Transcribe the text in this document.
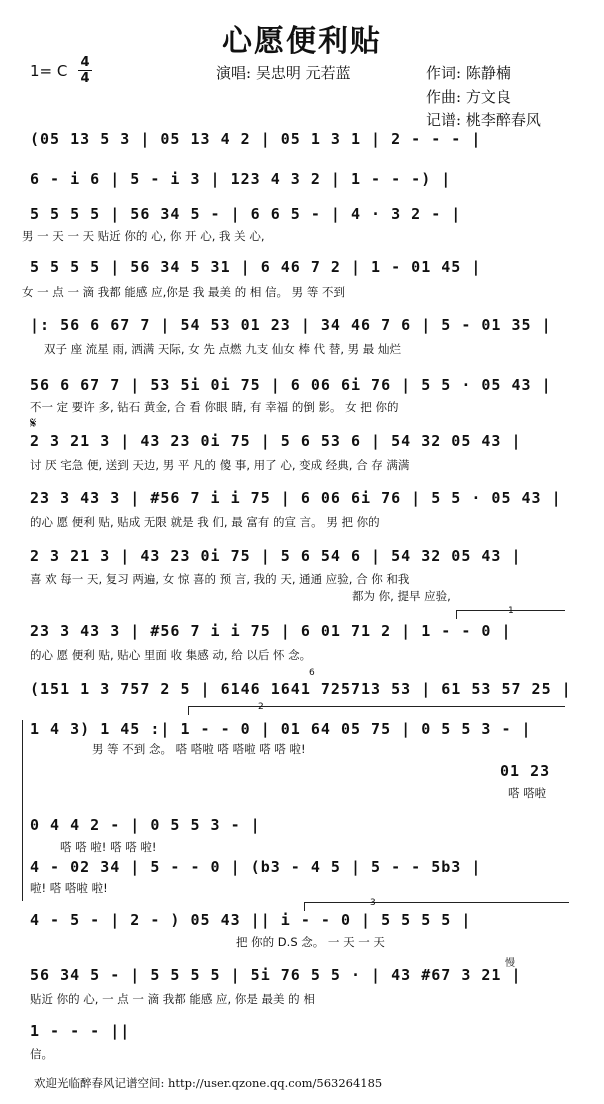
心愿便利贴
1= C 4
4	演唱: 吴忠明 元若蓝	作词: 陈静楠
作曲: 方文良
记谱: 桃李醉春风
(05 13 5 3 | 05 13 4 2 | 05 1 3 1 | 2 - - - |
6 - i 6 | 5 - i 3 | 123 4 3 2 | 1 - - -) |
5 5 5 5 | 56 34 5 - | 6 6 5 - | 4 · 3 2 - |
男 一 天 一 天 贴近 你的 心, 你 开 心, 我 关 心,
5 5 5 5 | 56 34 5 31 | 6 46 7 2 | 1 - 01 45 |
女 一 点 一 滴 我都 能感 应,你是 我 最美 的 相 信。 男 等 不到
|: 56 6 67 7 | 54 53 01 23 | 34 46 7 6 | 5 - 01 35 |
双子 座 流星 雨, 洒满 天际, 女 先 点燃 九支 仙女 棒 代 替, 男 最 灿烂
56 6 67 7 | 53 5i 0i 75 | 6 06 6i 76 | 5 5 · 05 43 |
不一 定 要许 多, 钻石 黄金, 合 看 你眼 睛, 有 幸福 的倒 影。 女 把 你的
𝄋
2 3 21 3 | 43 23 0i 75 | 5 6 53 6 | 54 32 05 43 |
讨 厌 宅急 便, 送到 天边, 男 平 凡的 傻 事, 用了 心, 变成 经典, 合 存 满满
23 3 43 3 | #56 7 i i 75 | 6 06 6i 76 | 5 5 · 05 43 |
的心 愿 便利 贴, 贴成 无限 就是 我 们, 最 富有 的宣 言。 男 把 你的
2 3 21 3 | 43 23 0i 75 | 5 6 54 6 | 54 32 05 43 |
喜 欢 每一 天, 复习 两遍, 女 惊 喜的 预 言, 我的 天, 通通 应验, 合 你 和我
都为 你, 提早 应验,
1
23 3 43 3 | #56 7 i i 75 | 6 01 71 2 | 1 - - 0 |
的心 愿 便利 贴, 贴心 里面 收 集感 动, 给 以后 怀 念。
6
(151 1 3 757 2 5 | 6146 1641 725713 53 | 61 53 57 25 |
2
1 4 3) 1 45 :| 1 - - 0 | 01 64 05 75 | 0 5 5 3 - |
男 等 不到 念。 嗒 嗒啦 嗒 嗒啦 嗒 嗒 啦!
01 23
嗒 嗒啦
0 4 4 2 - | 0 5 5 3 - |
嗒 嗒 啦! 嗒 嗒 啦!
4 - 02 34 | 5 - - 0 | (b3 - 4 5 | 5 - - 5b3 |
啦! 嗒 嗒啦 啦!
3
4 - 5 - | 2 - ) 05 43 || i - - 0 | 5 5 5 5 |
把 你的 D.S 念。 一 天 一 天
慢
56 34 5 - | 5 5 5 5 | 5i 76 5 5 · | 43 #67 3 21 |
贴近 你的 心, 一 点 一 滴 我都 能感 应, 你是 最美 的 相
1 - - - ||
信。
欢迎光临醉春风记谱空间: http://user.qzone.qq.com/563264185
